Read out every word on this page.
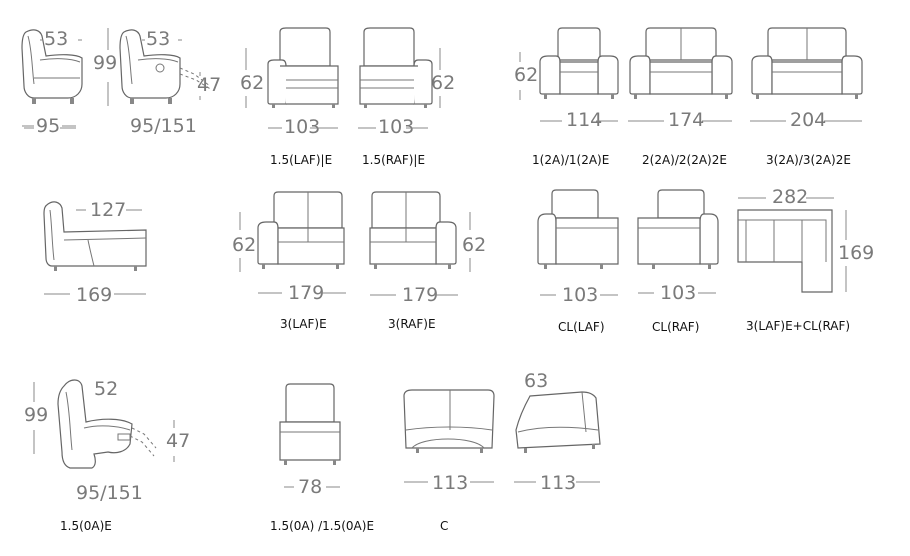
53
99
95
53
47
95/151
62
103
1.5(LAF)|E
62
103
1.5(RAF)|E
62
114
1(2A)/1(2A)E
174
2(2A)/2(2A)2E
204
3(2A)/3(2A)2E
127
169
62
179
3(LAF)E
62
179
3(RAF)E
103
CL(LAF)
103
CL(RAF)
282
169
3(LAF)E+CL(RAF)
52
99
47
95/151
1.5(0A)E
78
1.5(0A) /1.5(0A)E
63
113	113
C
